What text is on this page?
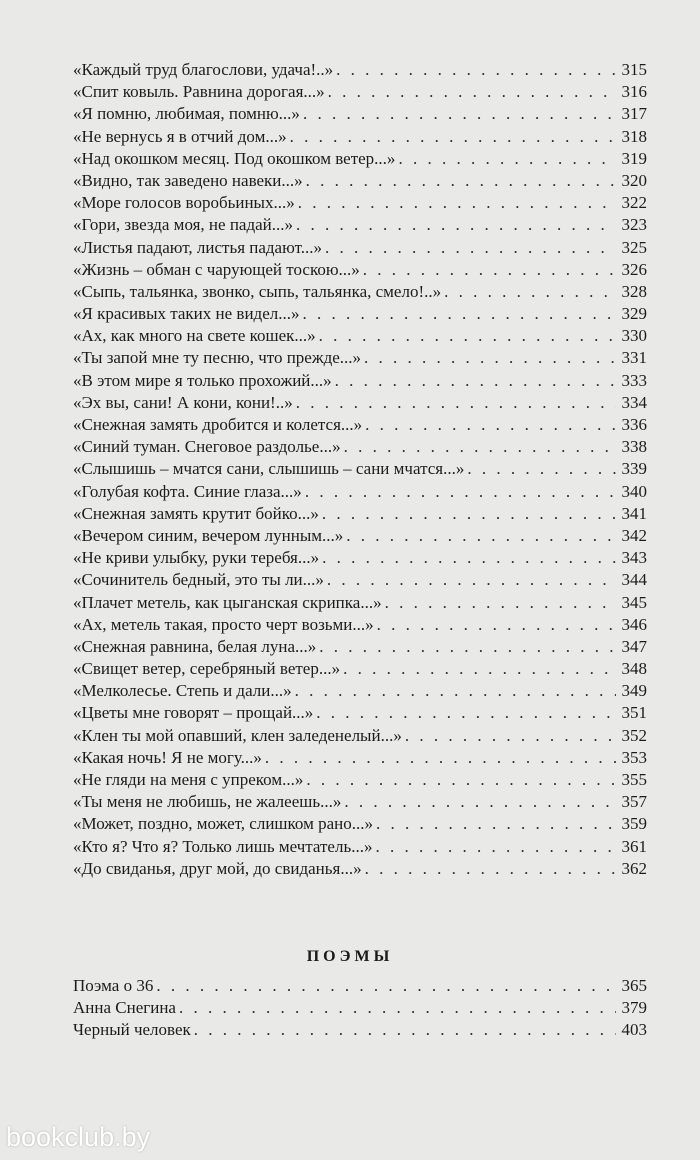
«Каждый труд благослови, удача!..» . . .	315
«Спит ковыль. Равнина дорогая...» . . .	316
«Я помню, любимая, помню...» . . .	317
«Не вернусь я в отчий дом...» . . .	318
«Над окошком месяц. Под окошком ветер...» . . .	319
«Видно, так заведено навеки...» . . .	320
«Море голосов воробьиных...» . . .	322
«Гори, звезда моя, не падай...» . . .	323
«Листья падают, листья падают...» . . .	325
«Жизнь – обман с чарующей тоскою...» . . .	326
«Сыпь, тальянка, звонко, сыпь, тальянка, смело!..» . . .	328
«Я красивых таких не видел...» . . .	329
«Ах, как много на свете кошек...» . . .	330
«Ты запой мне ту песню, что прежде...» . . .	331
«В этом мире я только прохожий...» . . .	333
«Эх вы, сани! А кони, кони!..» . . .	334
«Снежная замять дробится и колется...» . . .	336
«Синий туман. Снеговое раздолье...» . . .	338
«Слышишь – мчатся сани, слышишь – сани мчатся...» . . .	339
«Голубая кофта. Синие глаза...» . . .	340
«Снежная замять крутит бойко...» . . .	341
«Вечером синим, вечером лунным...» . . .	342
«Не криви улыбку, руки теребя...» . . .	343
«Сочинитель бедный, это ты ли...» . . .	344
«Плачет метель, как цыганская скрипка...» . . .	345
«Ах, метель такая, просто черт возьми...» . . .	346
«Снежная равнина, белая луна...» . . .	347
«Свищет ветер, серебряный ветер...» . . .	348
«Мелколесье. Степь и дали...» . . .	349
«Цветы мне говорят – прощай...» . . .	351
«Клен ты мой опавший, клен заледенелый...» . . .	352
«Какая ночь! Я не могу...» . . .	353
«Не гляди на меня с упреком...» . . .	355
«Ты меня не любишь, не жалеешь...» . . .	357
«Может, поздно, может, слишком рано...» . . .	359
«Кто я? Что я? Только лишь мечтатель...» . . .	361
«До свиданья, друг мой, до свиданья...» . . .	362
ПОЭМЫ
Поэма о 36 . . .	365
Анна Снегина . . .	379
Черный человек . . .	403
bookclub.by
